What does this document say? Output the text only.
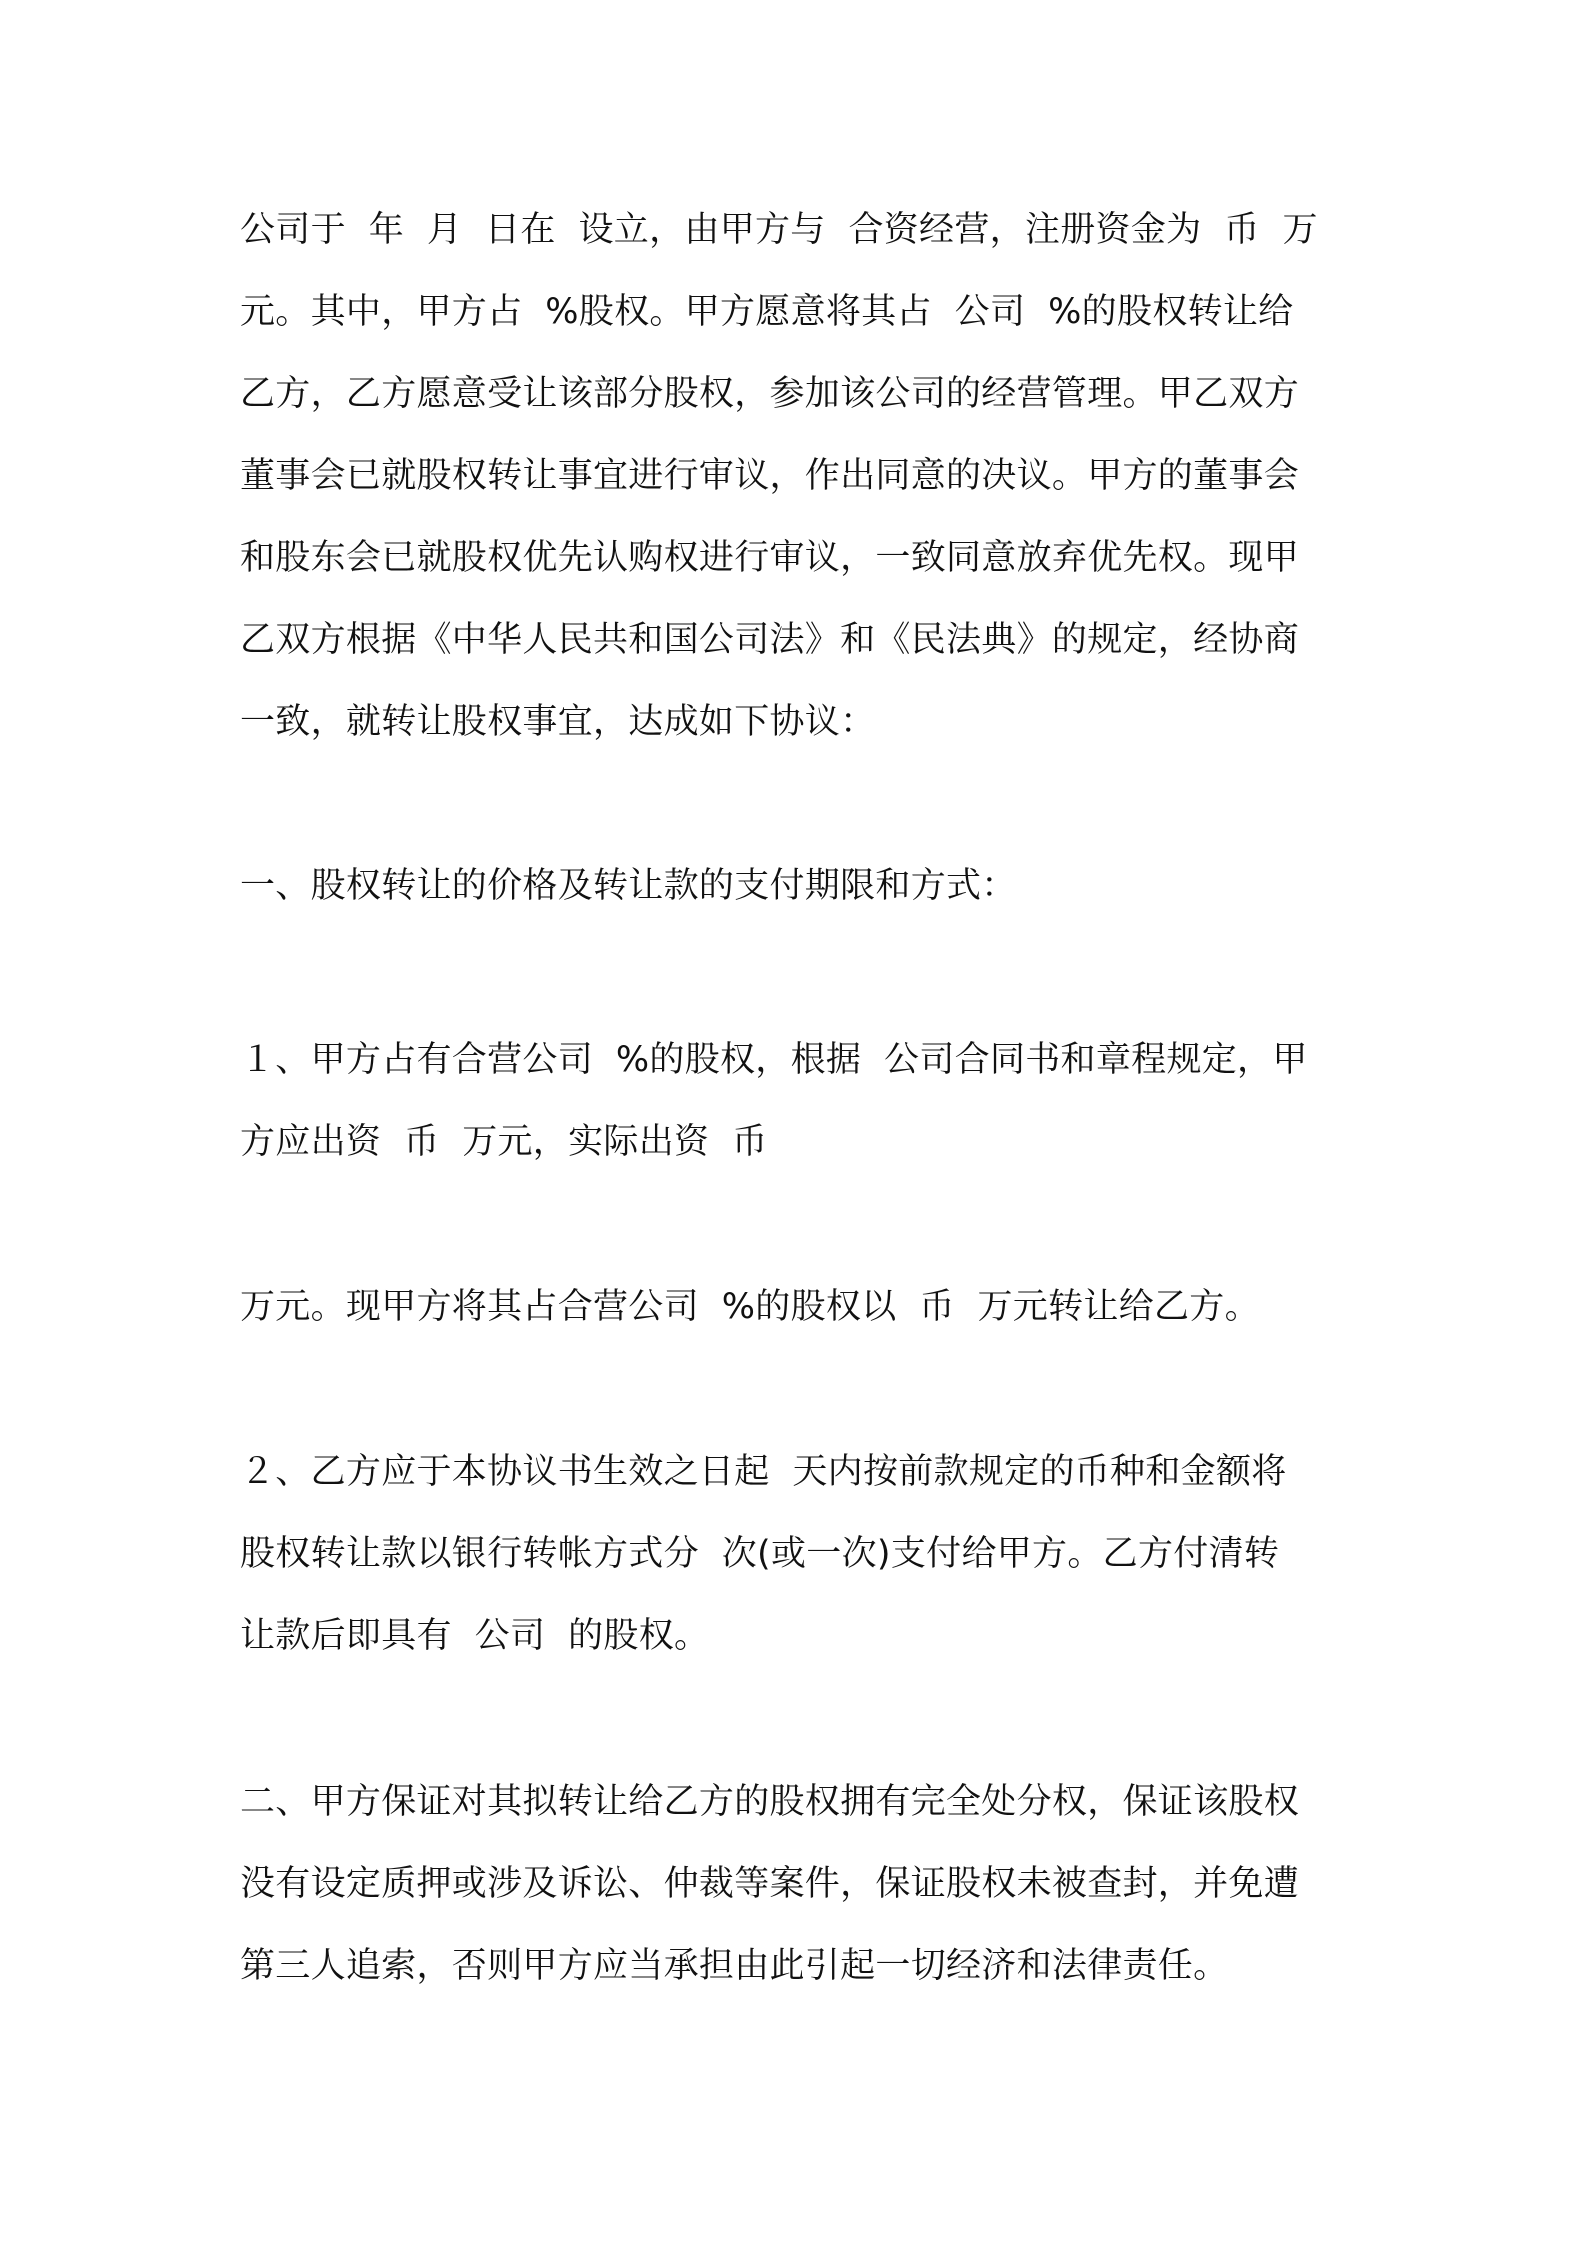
公司于  年  月  日在  设立，由甲方与  合资经营，注册资金为  币  万
元。其中，甲方占  %股权。甲方愿意将其占  公司  %的股权转让给
乙方，乙方愿意受让该部分股权，参加该公司的经营管理。甲乙双方
董事会已就股权转让事宜进行审议，作出同意的决议。甲方的董事会
和股东会已就股权优先认购权进行审议，一致同意放弃优先权。现甲
乙双方根据《中华人民共和国公司法》和《民法典》的规定，经协商
一致，就转让股权事宜，达成如下协议：
一、股权转让的价格及转让款的支付期限和方式：
１、甲方占有合营公司  %的股权，根据  公司合同书和章程规定，甲
方应出资  币  万元，实际出资  币
万元。现甲方将其占合营公司  %的股权以  币  万元转让给乙方。
２、乙方应于本协议书生效之日起  天内按前款规定的币种和金额将
股权转让款以银行转帐方式分  次(或一次)支付给甲方。乙方付清转
让款后即具有  公司  的股权。
二、甲方保证对其拟转让给乙方的股权拥有完全处分权，保证该股权
没有设定质押或涉及诉讼、仲裁等案件，保证股权未被查封，并免遭
第三人追索，否则甲方应当承担由此引起一切经济和法律责任。
